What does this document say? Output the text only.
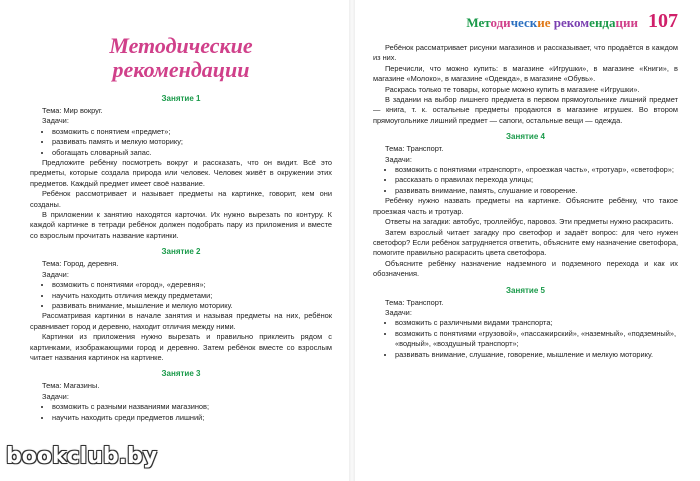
Методические
рекомендации
Занятие 1

Тема: Мир вокруг.

Задачи:

• возможить с понятием «предмет»;
• развивать память и мелкую моторику;
• обогащать словарный запас.

Предложите ребёнку посмотреть вокруг и рассказать, что он видит. Всё это предметы, которые создала природа или человек. Человек живёт в окружении этих предметов. Каждый предмет имеет своё название.

Ребёнок рассмотривает и называет предметы на картинке, говорит, кем они созданы.

В приложении к занятию находятся карточки. Их нужно вырезать по контуру. К каждой картинке в тетради ребёнок должен подобрать пару из приложения и вместе со взрослым прочитать название картинки.

Занятие 2

Тема: Город, деревня.

Задачи:

• возможить с понятиями «город», «деревня»;
• научить находить отличия между предметами;
• развивать внимание, мышление и мелкую моторику.

Рассматривая картинки в начале занятия и называя предметы на них, ребёнок сравнивает город и деревню, находит отличия между ними.

Картинки из приложения нужно вырезать и правильно приклеить рядом с картинками, изображающими город и деревню. Затем ребёнок вместе со взрослым читает названия картинок на картинке.

Занятие 3

Тема: Магазины.

Задачи:

• возможить с разными названиями магазинов;
• научить находить среди предметов лишний;
bookclub.by
Методические рекомендации 107

Ребёнок рассматривает рисунки магазинов и рассказывает, что продаётся в каждом из них.

Перечисли, что можно купить: в магазине «Игрушки», в магазине «Книги», в магазине «Молоко», в магазине «Одежда», в магазине «Обувь».

Раскрась только те товары, которые можно купить в магазине «Игрушки».

В задании на выбор лишнего предмета в первом прямоугольнике лишний предмет — книга, т. к. остальные предметы продаются в магазине игрушек. Во втором прямоугольнике лишний предмет — сапоги, остальные вещи — одежда.

Занятие 4

Тема: Транспорт.

Задачи:

• возможить с понятиями «транспорт», «проезжая часть», «тротуар», «светофор»;
• рассказать о правилах перехода улицы;
• развивать внимание, память, слушание и говорение.

Ребёнку нужно назвать предметы на картинке. Объясните ребёнку, что такое проезжая часть и тротуар.

Ответы на загадки: автобус, троллейбус, паровоз. Эти предметы нужно раскрасить.

Затем взрослый читает загадку про светофор и задаёт вопрос: для чего нужен светофор? Если ребёнок затрудняется ответить, объясните ему назначение светофора, помогите правильно раскрасить цвета светофора.

Объясните ребёнку назначение надземного и подземного перехода и как их обозначения.

Занятие 5

Тема: Транспорт.

Задачи:

• возможить с различными видами транспорта;
• возможить с понятиями «грузовой», «пассажирский», «наземный», «подземный», «водный», «воздушный транспорт»;
• развивать внимание, слушание, говорение, мышление и мелкую моторику.
